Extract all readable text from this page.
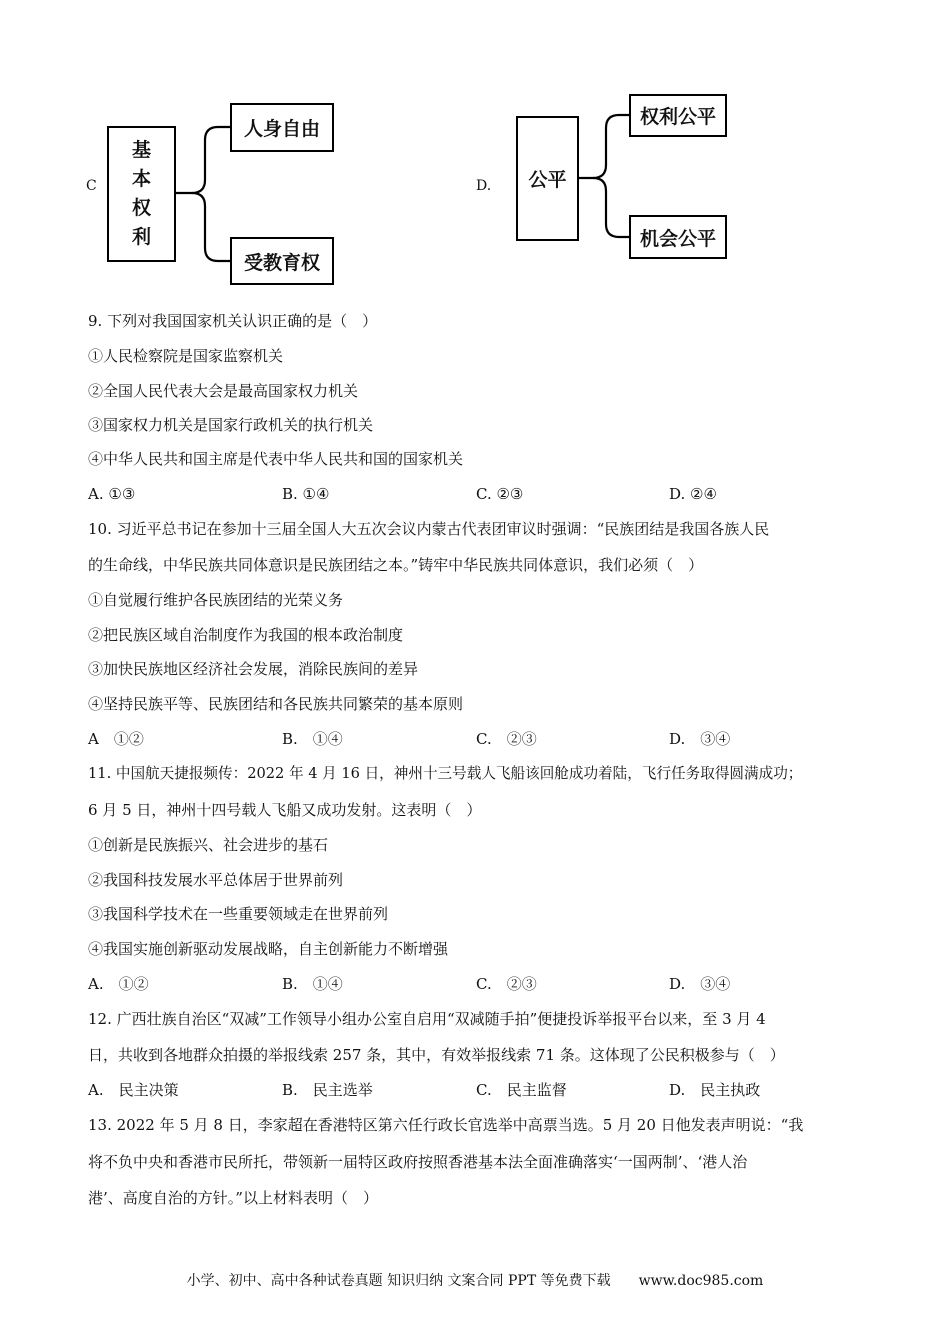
C
基
本
权
利
人身自由
受教育权
D. 公平
权利公平
机会公平
9. 下列对我国国家机关认识正确的是（　）
①人民检察院是国家监察机关
②全国人民代表大会是最高国家权力机关
③国家权力机关是国家行政机关的执行机关
④中华人民共和国主席是代表中华人民共和国的国家机关
A. ①③	B. ①④	C. ②③	D. ②④
10. 习近平总书记在参加十三届全国人大五次会议内蒙古代表团审议时强调：“民族团结是我国各族人民
的生命线，中华民族共同体意识是民族团结之本。”铸牢中华民族共同体意识，我们必须（　）
①自觉履行维护各民族团结的光荣义务
②把民族区域自治制度作为我国的根本政治制度
③加快民族地区经济社会发展，消除民族间的差异
④坚持民族平等、民族团结和各民族共同繁荣的基本原则
A　①②	B.　①④	C.　②③	D.　③④
11. 中国航天捷报频传：2022 年 4 月 16 日，神州十三号载人飞船该回舱成功着陆，飞行任务取得圆满成功；
6 月 5 日，神州十四号载人飞船又成功发射。这表明（　）
①创新是民族振兴、社会进步的基石
②我国科技发展水平总体居于世界前列
③我国科学技术在一些重要领域走在世界前列
④我国实施创新驱动发展战略，自主创新能力不断增强
A.　①②	B.　①④	C.　②③	D.　③④
12. 广西壮族自治区“双减”工作领导小组办公室自启用“双减随手拍”便捷投诉举报平台以来，至 3 月 4
日，共收到各地群众拍摄的举报线索 257 条，其中，有效举报线索 71 条。这体现了公民积极参与（　）
A.　民主决策	B.　民主选举	C.　民主监督	D.　民主执政
13. 2022 年 5 月 8 日，李家超在香港特区第六任行政长官选举中高票当选。5 月 20 日他发表声明说：“我
将不负中央和香港市民所托，带领新一届特区政府按照香港基本法全面准确落实‘一国两制’、‘港人治
港’、高度自治的方针。”以上材料表明（　）
小学、初中、高中各种试卷真题 知识归纳 文案合同 PPT 等免费下载　　www.doc985.com
